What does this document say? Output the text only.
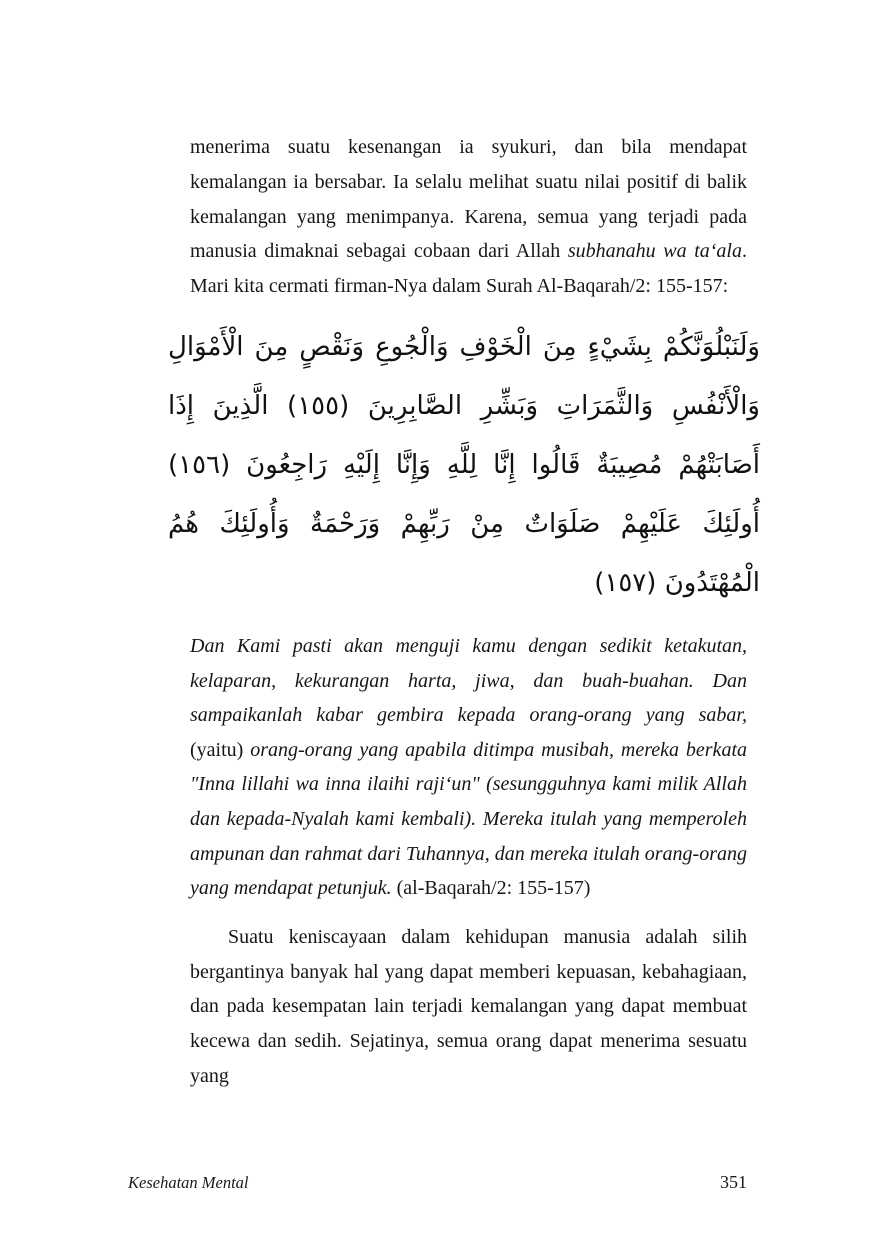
menerima suatu kesenangan ia syukuri, dan bila mendapat kemalangan ia bersabar. Ia selalu melihat suatu nilai positif di balik kemalangan yang menimpanya. Karena, semua yang terjadi pada manusia dimaknai sebagai cobaan dari Allah subhanahu wa ta‘ala. Mari kita cermati firman-Nya dalam Surah Al-Baqarah/2: 155-157:

وَلَنَبْلُوَنَّكُمْ بِشَيْءٍ مِنَ الْخَوْفِ وَالْجُوعِ وَنَقْصٍ مِنَ الْأَمْوَالِ وَالْأَنْفُسِ وَالثَّمَرَاتِ وَبَشِّرِ الصَّابِرِينَ (١٥٥) الَّذِينَ إِذَا أَصَابَتْهُمْ مُصِيبَةٌ قَالُوا إِنَّا لِلَّهِ وَإِنَّا إِلَيْهِ رَاجِعُونَ (١٥٦) أُولَئِكَ عَلَيْهِمْ صَلَوَاتٌ مِنْ رَبِّهِمْ وَرَحْمَةٌ وَأُولَئِكَ هُمُ الْمُهْتَدُونَ (١٥٧)

Dan Kami pasti akan menguji kamu dengan sedikit ketakutan, kelaparan, kekurangan harta, jiwa, dan buah-buahan. Dan sampaikanlah kabar gembira kepada orang-orang yang sabar, (yaitu) orang-orang yang apabila ditimpa musibah, mereka berkata "Inna lillahi wa inna ilaihi raji‘un" (sesungguhnya kami milik Allah dan kepada-Nyalah kami kembali). Mereka itulah yang memperoleh ampunan dan rahmat dari Tuhannya, dan mereka itulah orang-orang yang mendapat petunjuk. (al-Baqarah/2: 155-157)

Suatu keniscayaan dalam kehidupan manusia adalah silih bergantinya banyak hal yang dapat memberi kepuasan, kebahagiaan, dan pada kesempatan lain terjadi kemalangan yang dapat membuat kecewa dan sedih. Sejatinya, semua orang dapat menerima sesuatu yang

Kesehatan Mental	351
